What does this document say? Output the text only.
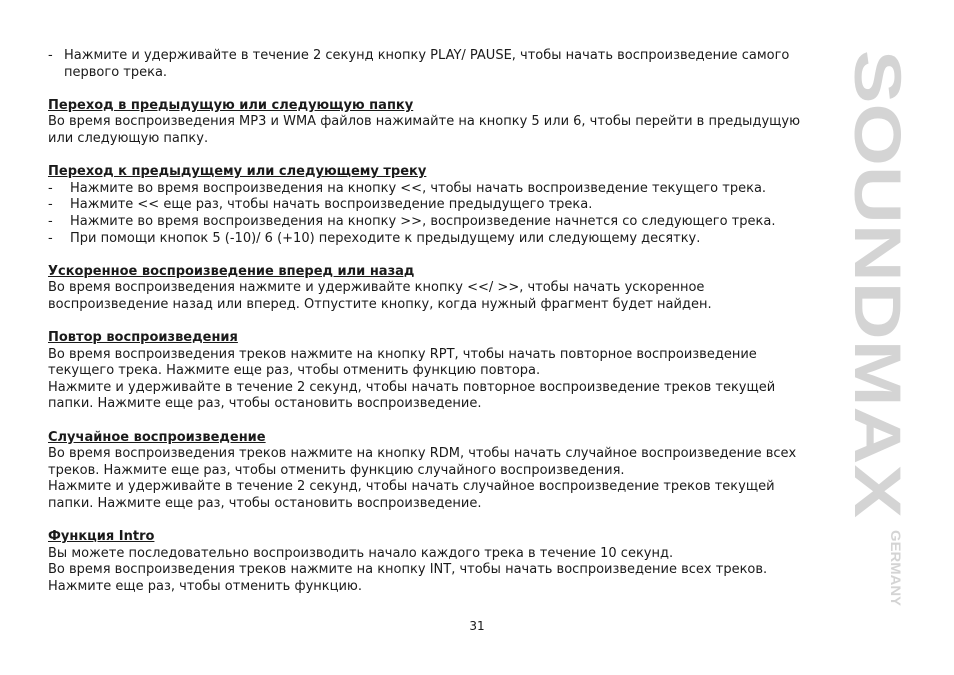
- Нажмите и удерживайте в течение 2 секунд кнопку PLAY/ PAUSE, чтобы начать воспроизведение самого первого трека.
Переход в предыдущую или следующую папку

Во время воспроизведения MP3 и WMA файлов нажимайте на кнопку 5 или 6, чтобы перейти в предыдущую или следующую папку.

Переход к предыдущему или следующему треку
- Нажмите во время воспроизведения на кнопку <<, чтобы начать воспроизведение текущего трека.
- Нажмите << еще раз, чтобы начать воспроизведение предыдущего трека.
- Нажмите во время воспроизведения на кнопку >>, воспроизведение начнется со следующего трека.
- При помощи кнопок 5 (-10)/ 6 (+10) переходите к предыдущему или следующему десятку.
Ускоренное воспроизведение вперед или назад

Во время воспроизведения нажмите и удерживайте кнопку <</ >>, чтобы начать ускоренное воспроизведение назад или вперед. Отпустите кнопку, когда нужный фрагмент будет найден.

Повтор воспроизведения

Во время воспроизведения треков нажмите на кнопку RPT, чтобы начать повторное воспроизведение текущего трека. Нажмите еще раз, чтобы отменить функцию повтора.

Нажмите и удерживайте в течение 2 секунд, чтобы начать повторное воспроизведение треков текущей папки. Нажмите еще раз, чтобы остановить воспроизведение.

Случайное воспроизведение

Во время воспроизведения треков нажмите на кнопку RDM, чтобы начать случайное воспроизведение всех треков. Нажмите еще раз, чтобы отменить функцию случайного воспроизведения.

Нажмите и удерживайте в течение 2 секунд, чтобы начать случайное воспроизведение треков текущей папки. Нажмите еще раз, чтобы остановить воспроизведение.

Функция Intro

Вы можете последовательно воспроизводить начало каждого трека в течение 10 секунд.

Во время воспроизведения треков нажмите на кнопку INT, чтобы начать воспроизведение всех треков. Нажмите еще раз, чтобы отменить функцию.

31
SOUNDMAX
GERMANY
